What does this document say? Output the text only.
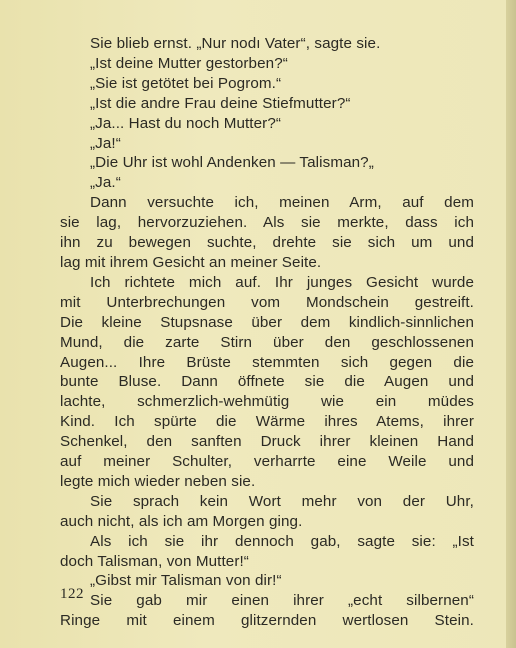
Sie blieb ernst. „Nur nodı Vater“, sagte sie.
„Ist deine Mutter gestorben?“
„Sie ist getötet bei Pogrom.“
„Ist die andre Frau deine Stiefmutter?“
„Ja... Hast du noch Mutter?“
„Ja!“
„Die Uhr ist wohl Andenken — Talisman?„
„Ja.“
Dann versuchte ich, meinen Arm, auf dem
sie lag, hervorzuziehen. Als sie merkte, dass ich
ihn zu bewegen suchte, drehte sie sich um und
lag mit ihrem Gesicht an meiner Seite.
Ich richtete mich auf. Ihr junges Gesicht wurde
mit Unterbrechungen vom Mondschein gestreift.
Die kleine Stupsnase über dem kindlich-sinnlichen
Mund, die zarte Stirn über den geschlossenen
Augen... Ihre Brüste stemmten sich gegen die
bunte Bluse. Dann öffnete sie die Augen und
lachte, schmerzlich-wehmütig wie ein müdes
Kind. Ich spürte die Wärme ihres Atems, ihrer
Schenkel, den sanften Druck ihrer kleinen Hand
auf meiner Schulter, verharrte eine Weile und
legte mich wieder neben sie.
Sie sprach kein Wort mehr von der Uhr,
auch nicht, als ich am Morgen ging.
Als ich sie ihr dennoch gab, sagte sie: „Ist
doch Talisman, von Mutter!“
„Gibst mir Talisman von dir!“
Sie gab mir einen ihrer „echt silbernen“
Ringe mit einem glitzernden wertlosen Stein.
122
